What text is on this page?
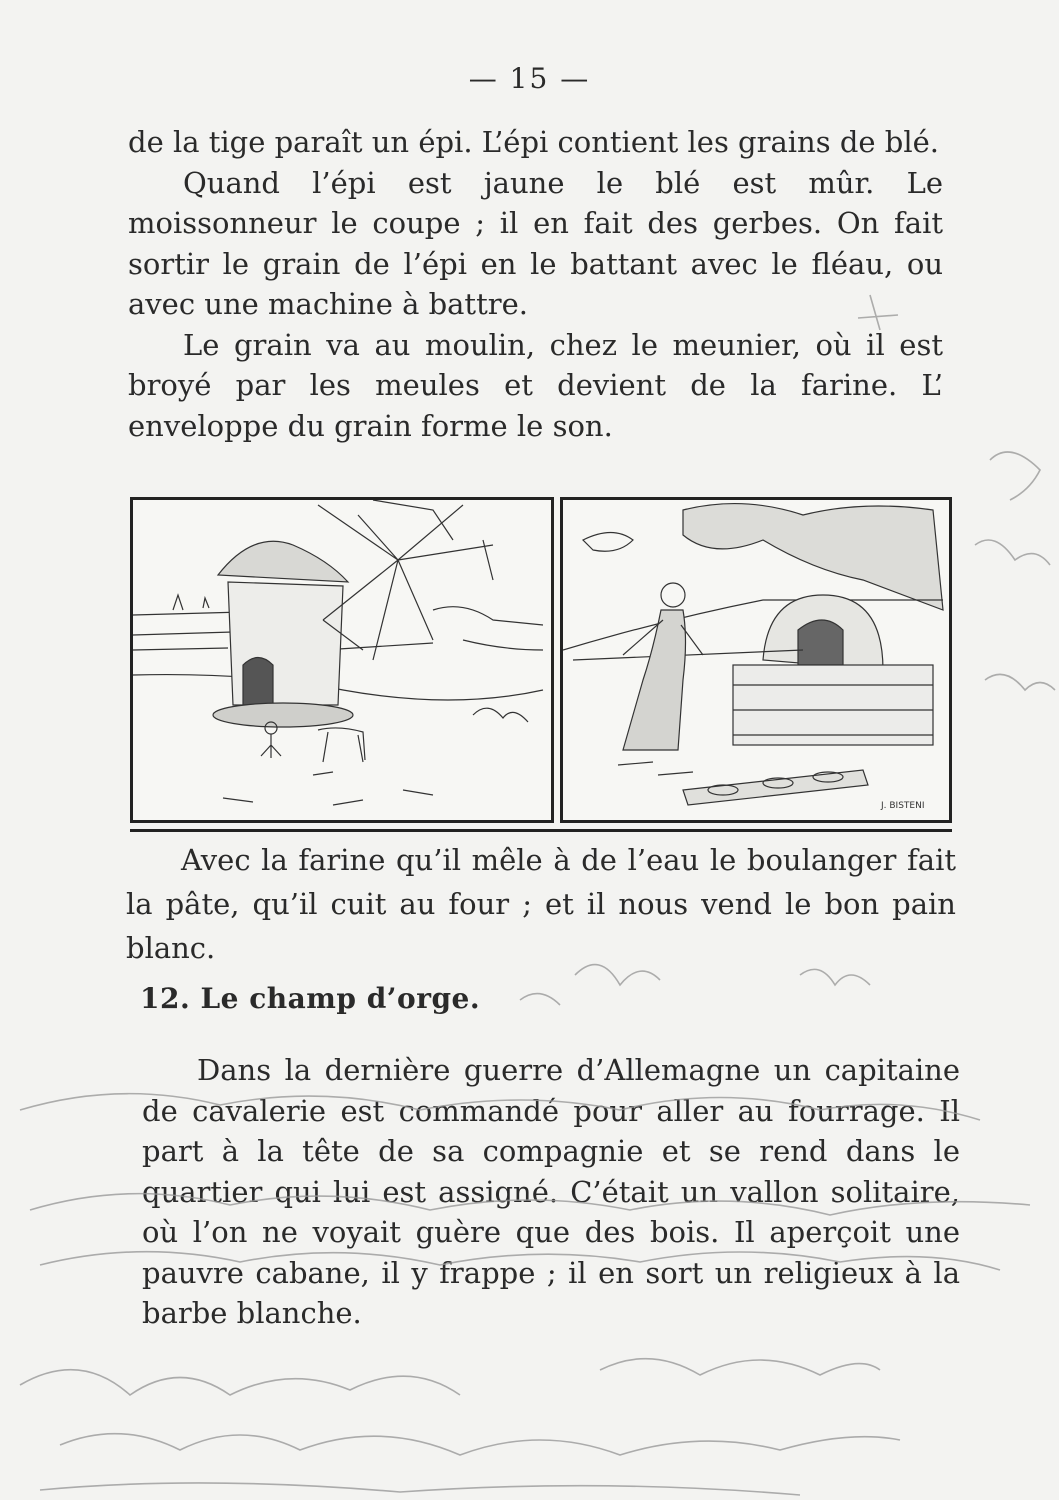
— 15 —

de la tige paraît un épi. L’épi contient les grains de blé.

Quand l’épi est jaune le blé est mûr. Le moissonneur le coupe ; il en fait des gerbes. On fait sortir le grain de l’épi en le battant avec le fléau, ou avec une machine à battre.

Le grain va au moulin, chez le meunier, où il est broyé par les meules et devient de la farine. L’ enveloppe du grain forme le son.

J. BISTENI

Avec la farine qu’il mêle à de l’eau le boulanger fait la pâte, qu’il cuit au four ; et il nous vend le bon pain blanc.

12. Le champ d’orge.

Dans la dernière guerre d’Allemagne un capitaine de cavalerie est commandé pour aller au fourrage. Il part à la tête de sa compagnie et se rend dans le quartier qui lui est assigné. C’était un vallon solitaire, où l’on ne voyait guère que des bois. Il aperçoit une pauvre cabane, il y frappe ; il en sort un religieux à la barbe blanche.
